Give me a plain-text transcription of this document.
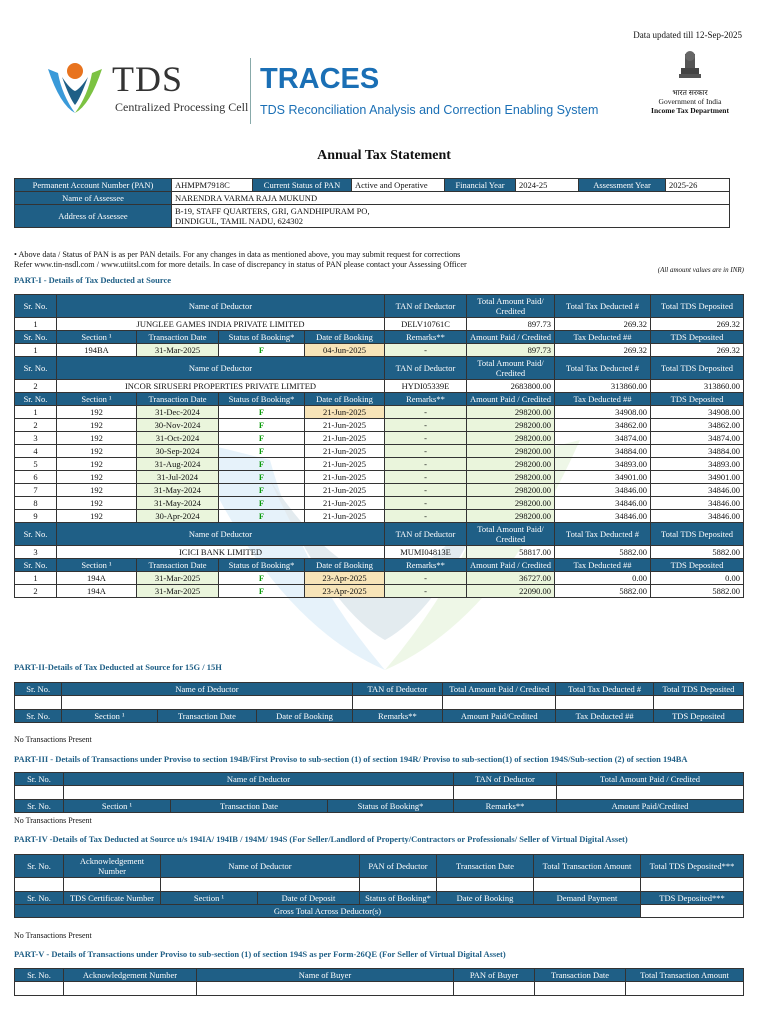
Data updated till 12-Sep-2025
TDS
Centralized Processing Cell
TRACES
TDS Reconciliation Analysis and Correction Enabling System
भारत सरकार
Government of India
Income Tax Department
Annual Tax Statement
Permanent Account Number (PAN)	AHMPM7918C	Current Status of PAN	Active and Operative	Financial Year	2024-25	Assessment Year	2025-26
Name of Assessee	NARENDRA VARMA RAJA MUKUND						
Address of Assessee	B-19, STAFF QUARTERS, GRI, GANDHIPURAM PO,
DINDIGUL, TAMIL NADU, 624302						
• Above data / Status of PAN is as per PAN details. For any changes in data as mentioned above, you may submit request for corrections
Refer www.tin-nsdl.com / www.utiitsl.com for more details. In case of discrepancy in status of PAN please contact your Assessing Officer
(All amount values are in INR)
PART-I - Details of Tax Deducted at Source
Sr. No.	Name of Deductor				TAN of Deductor	Total Amount Paid/ Credited	Total Tax Deducted #	Total TDS Deposited
1	JUNGLEE GAMES INDIA PRIVATE LIMITED				DELV10761C	897.73	269.32	269.32
Sr. No.	Section ¹	Transaction Date	Status of Booking*	Date of Booking	Remarks**	Amount Paid / Credited	Tax Deducted ##	TDS Deposited
1	194BA	31-Mar-2025	F	04-Jun-2025	-	897.73	269.32	269.32
Sr. No.	Name of Deductor				TAN of Deductor	Total Amount Paid/ Credited	Total Tax Deducted #	Total TDS Deposited
2	INCOR SIRUSERI PROPERTIES PRIVATE LIMITED				HYDI05339E	2683800.00	313860.00	313860.00
Sr. No.	Section ¹	Transaction Date	Status of Booking*	Date of Booking	Remarks**	Amount Paid / Credited	Tax Deducted ##	TDS Deposited
1	192	31-Dec-2024	F	21-Jun-2025	-	298200.00	34908.00	34908.00
2	192	30-Nov-2024	F	21-Jun-2025	-	298200.00	34862.00	34862.00
3	192	31-Oct-2024	F	21-Jun-2025	-	298200.00	34874.00	34874.00
4	192	30-Sep-2024	F	21-Jun-2025	-	298200.00	34884.00	34884.00
5	192	31-Aug-2024	F	21-Jun-2025	-	298200.00	34893.00	34893.00
6	192	31-Jul-2024	F	21-Jun-2025	-	298200.00	34901.00	34901.00
7	192	31-May-2024	F	21-Jun-2025	-	298200.00	34846.00	34846.00
8	192	31-May-2024	F	21-Jun-2025	-	298200.00	34846.00	34846.00
9	192	30-Apr-2024	F	21-Jun-2025	-	298200.00	34846.00	34846.00
Sr. No.	Name of Deductor				TAN of Deductor	Total Amount Paid/ Credited	Total Tax Deducted #	Total TDS Deposited
3	ICICI BANK LIMITED				MUMI04813E	58817.00	5882.00	5882.00
Sr. No.	Section ¹	Transaction Date	Status of Booking*	Date of Booking	Remarks**	Amount Paid / Credited	Tax Deducted ##	TDS Deposited
1	194A	31-Mar-2025	F	23-Apr-2025	-	36727.00	0.00	0.00
2	194A	31-Mar-2025	F	23-Apr-2025	-	22090.00	5882.00	5882.00
PART-II-Details of Tax Deducted at Source for 15G / 15H
Sr. No.	Name of Deductor			TAN of Deductor	Total Amount Paid / Credited	Total Tax Deducted #	Total TDS Deposited

Sr. No.	Section ¹	Transaction Date	Date of Booking	Remarks**	Amount Paid/Credited	Tax Deducted ##	TDS Deposited
No Transactions Present
PART-III - Details of Transactions under Proviso to section 194B/First Proviso to sub-section (1) of section 194R/ Proviso to sub-section(1) of section 194S/Sub-section (2) of section 194BA
Sr. No.	Name of Deductor			TAN of Deductor	Total Amount Paid / Credited

Sr. No.	Section ¹	Transaction Date	Status of Booking*	Remarks**	Amount Paid/Credited
No Transactions Present
PART-IV -Details of Tax Deducted at Source u/s 194IA/ 194IB / 194M/ 194S (For Seller/Landlord of Property/Contractors or Professionals/ Seller of Virtual Digital Asset)
Sr. No.	Acknowledgement Number	Name of Deductor		PAN of Deductor	Transaction Date	Total Transaction Amount	Total TDS Deposited***

Sr. No.	TDS Certificate Number	Section ¹	Date of Deposit	Status of Booking*	Date of Booking	Demand Payment	TDS Deposited***
Gross Total Across Deductor(s)							
No Transactions Present
PART-V - Details of Transactions under Proviso to sub-section (1) of section 194S as per Form-26QE (For Seller of Virtual Digital Asset)
Sr. No.	Acknowledgement Number	Name of Buyer	PAN of Buyer	Transaction Date	Total Transaction Amount
